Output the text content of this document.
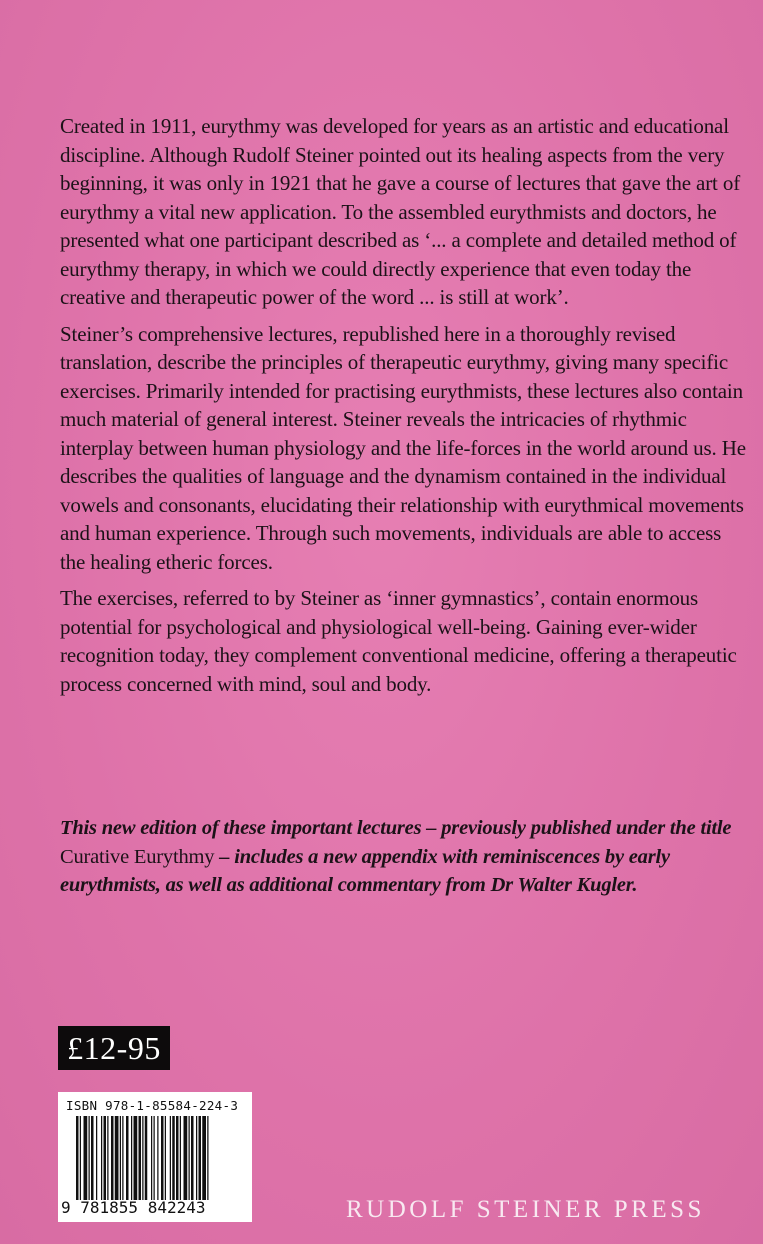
Created in 1911, eurythmy was developed for years as an artistic and educational discipline. Although Rudolf Steiner pointed out its healing aspects from the very beginning, it was only in 1921 that he gave a course of lectures that gave the art of eurythmy a vital new application. To the assembled eurythmists and doctors, he presented what one participant described as ‘... a complete and detailed method of eurythmy therapy, in which we could directly experience that even today the creative and therapeutic power of the word ... is still at work’.

Steiner’s comprehensive lectures, republished here in a thoroughly revised translation, describe the principles of therapeutic eurythmy, giving many specific exercises. Primarily intended for practising eurythmists, these lectures also contain much material of general interest. Steiner reveals the intricacies of rhythmic interplay between human physiology and the life-forces in the world around us. He describes the qualities of language and the dynamism contained in the individual vowels and consonants, elucidating their relationship with eurythmical movements and human experience. Through such movements, individuals are able to access the healing etheric forces.

The exercises, referred to by Steiner as ‘inner gymnastics’, contain enormous potential for psychological and physiological well-being. Gaining ever-wider recognition today, they complement conventional medicine, offering a therapeutic process concerned with mind, soul and body.

This new edition of these important lectures – previously published under the title Curative Eurythmy – includes a new appendix with reminiscences by early eurythmists, as well as additional commentary from Dr Walter Kugler.
£12-95
ISBN 978-1-85584-224-3
9 781855 842243	RUDOLF STEINER PRESS
